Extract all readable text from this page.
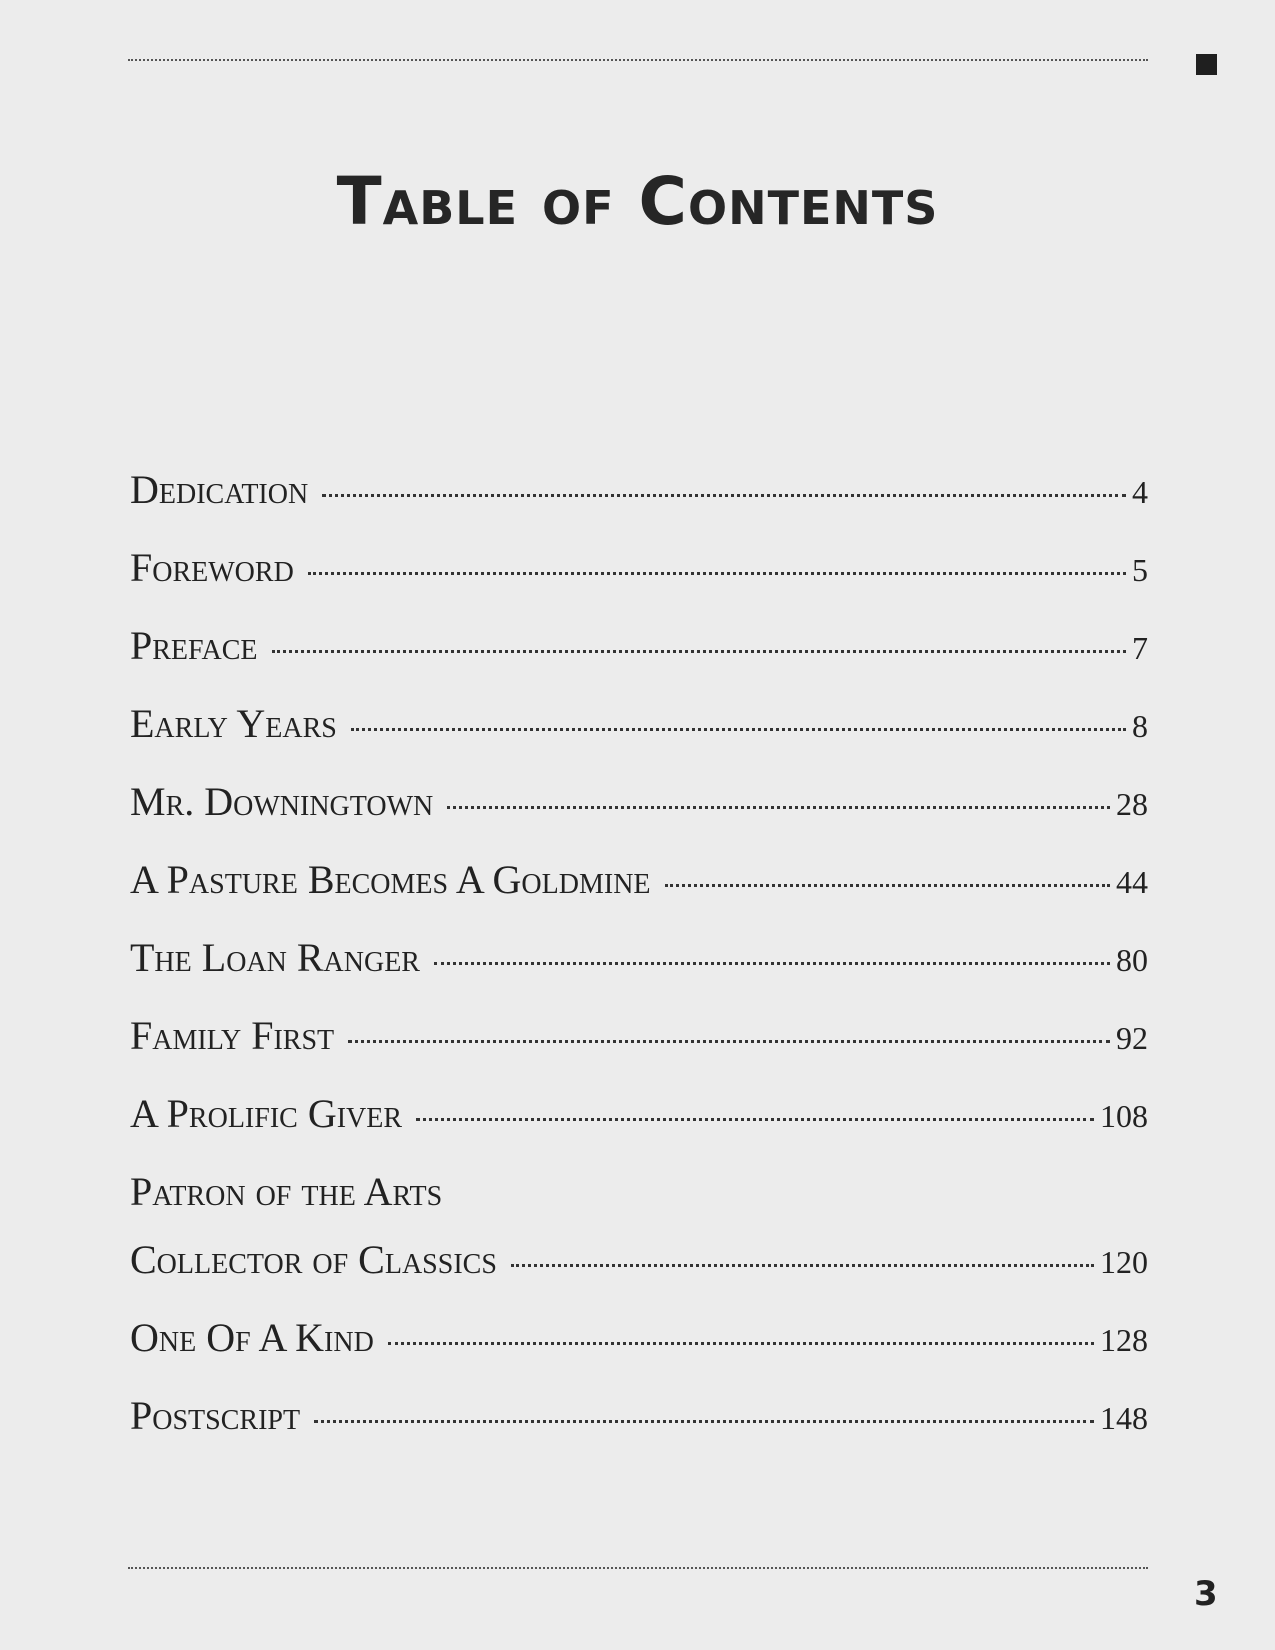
Table of Contents
Dedication	4
Foreword	5
Preface	7
Early Years	8
Mr. Downingtown	28
A Pasture Becomes A Goldmine	44
The Loan Ranger	80
Family First	92
A Prolific Giver	108
Patron of the Arts
Collector of Classics	120
One Of A Kind	128
Postscript	148
3
